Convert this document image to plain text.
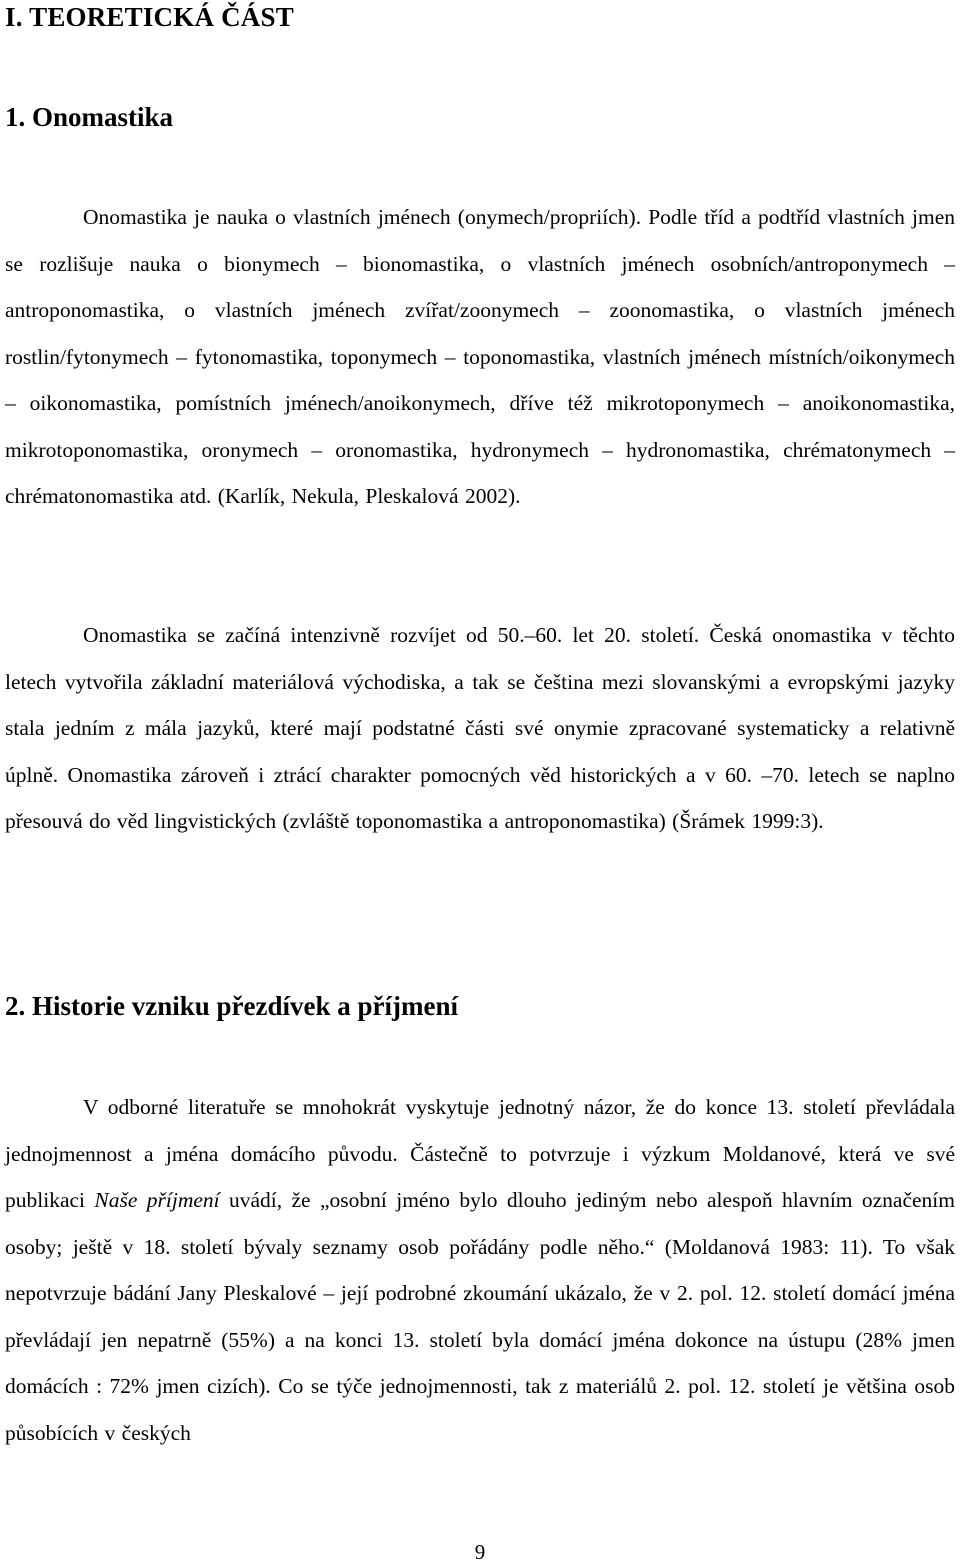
I. TEORETICKÁ ČÁST
1. Onomastika

Onomastika je nauka o vlastních jménech (onymech/propriích). Podle tříd a podtříd vlastních jmen se rozlišuje nauka o bionymech – bionomastika, o vlastních jménech osobních/antroponymech – antroponomastika, o vlastních jménech zvířat/zoonymech – zoonomastika, o vlastních jménech rostlin/fytonymech – fytonomastika, toponymech – toponomastika, vlastních jménech místních/oikonymech – oikonomastika, pomístních jménech/anoikonymech, dříve též mikrotoponymech – anoikonomastika, mikrotoponomastika, oronymech – oronomastika, hydronymech – hydronomastika, chrématonymech – chrématonomastika atd. (Karlík, Nekula, Pleskalová 2002).

Onomastika se začíná intenzivně rozvíjet od 50.–60. let 20. století. Česká onomastika v těchto letech vytvořila základní materiálová východiska, a tak se čeština mezi slovanskými a evropskými jazyky stala jedním z mála jazyků, které mají podstatné části své onymie zpracované systematicky a relativně úplně. Onomastika zároveň i ztrácí charakter pomocných věd historických a v 60. –70. letech se naplno přesouvá do věd lingvistických (zvláště toponomastika a antroponomastika) (Šrámek 1999:3).

2. Historie vzniku přezdívek a příjmení

V odborné literatuře se mnohokrát vyskytuje jednotný názor, že do konce 13. století převládala jednojmennost a jména domácího původu. Částečně to potvrzuje i výzkum Moldanové, která ve své publikaci Naše příjmení uvádí, že „osobní jméno bylo dlouho jediným nebo alespoň hlavním označením osoby; ještě v 18. století bývaly seznamy osob pořádány podle něho.“ (Moldanová 1983: 11). To však nepotvrzuje bádání Jany Pleskalové – její podrobné zkoumání ukázalo, že v 2. pol. 12. století domácí jména převládají jen nepatrně (55%) a na konci 13. století byla domácí jména dokonce na ústupu (28% jmen domácích : 72% jmen cizích). Co se týče jednojmennosti, tak z materiálů 2. pol. 12. století je většina osob působících v českých

9
